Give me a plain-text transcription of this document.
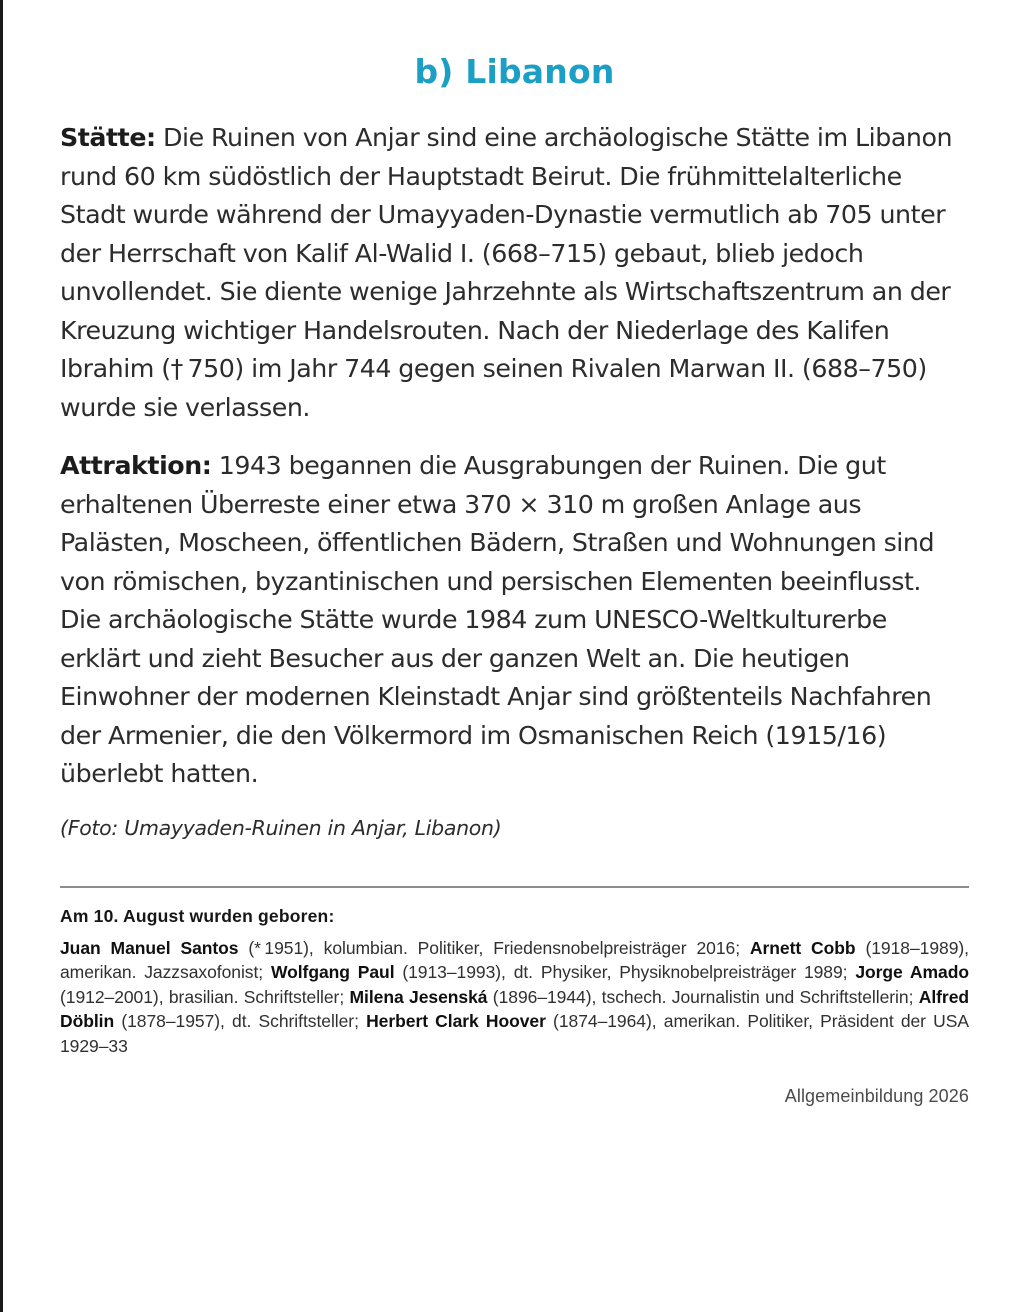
b) Libanon

Stätte: Die Ruinen von Anjar sind eine archäologische Stätte im Libanon rund 60 km südöstlich der Hauptstadt Beirut. Die frühmittelalterliche Stadt wurde während der Umayyaden-Dynastie vermutlich ab 705 unter der Herrschaft von Kalif Al-Walid I. (668–715) gebaut, blieb jedoch unvollendet. Sie diente wenige Jahrzehnte als Wirtschaftszentrum an der Kreuzung wichtiger Handelsrouten. Nach der Niederlage des Kalifen Ibrahim († 750) im Jahr 744 gegen seinen Rivalen Marwan II. (688–750) wurde sie verlassen.

Attraktion: 1943 begannen die Ausgrabungen der Ruinen. Die gut erhaltenen Überreste einer etwa 370 × 310 m großen Anlage aus Palästen, Moscheen, öffentlichen Bädern, Straßen und Wohnungen sind von römischen, byzantinischen und persischen Elementen beeinflusst. Die archäologische Stätte wurde 1984 zum UNESCO-Weltkulturerbe erklärt und zieht Besucher aus der ganzen Welt an. Die heutigen Einwohner der modernen Kleinstadt Anjar sind größtenteils Nachfahren der Armenier, die den Völkermord im Osmanischen Reich (1915/16) überlebt hatten.

(Foto: Umayyaden-Ruinen in Anjar, Libanon)

Am 10. August wurden geboren:

Juan Manuel Santos (* 1951), kolumbian. Politiker, Friedensnobelpreisträger 2016; Arnett Cobb (1918–1989), amerikan. Jazzsaxofonist; Wolfgang Paul (1913–1993), dt. Physiker, Physiknobelpreisträger 1989; Jorge Amado (1912–2001), brasilian. Schriftsteller; Milena Jesenská (1896–1944), tschech. Journalistin und Schriftstellerin; Alfred Döblin (1878–1957), dt. Schriftsteller; Herbert Clark Hoover (1874–1964), amerikan. Politiker, Präsident der USA 1929–33

Allgemeinbildung 2026
